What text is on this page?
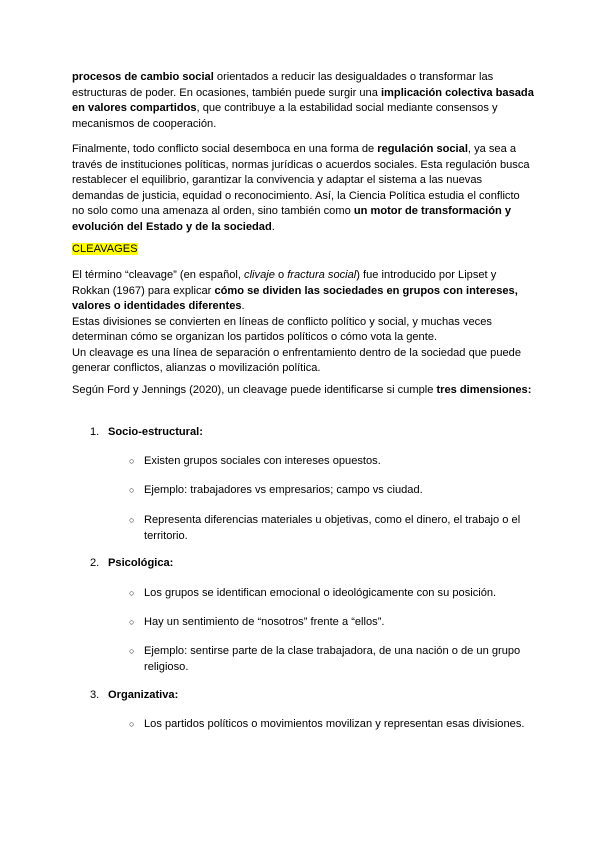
procesos de cambio social orientados a reducir las desigualdades o transformar las estructuras de poder. En ocasiones, también puede surgir una implicación colectiva basada en valores compartidos, que contribuye a la estabilidad social mediante consensos y mecanismos de cooperación.

Finalmente, todo conflicto social desemboca en una forma de regulación social, ya sea a través de instituciones políticas, normas jurídicas o acuerdos sociales. Esta regulación busca restablecer el equilibrio, garantizar la convivencia y adaptar el sistema a las nuevas demandas de justicia, equidad o reconocimiento. Así, la Ciencia Política estudia el conflicto no solo como una amenaza al orden, sino también como un motor de transformación y evolución del Estado y de la sociedad.

CLEAVAGES

El término “cleavage” (en español, clivaje o fractura social) fue introducido por Lipset y Rokkan (1967) para explicar cómo se dividen las sociedades en grupos con intereses, valores o identidades diferentes.
Estas divisiones se convierten en líneas de conflicto político y social, y muchas veces determinan cómo se organizan los partidos políticos o cómo vota la gente.
Un cleavage es una línea de separación o enfrentamiento dentro de la sociedad que puede generar conflictos, alianzas o movilización política.

Según Ford y Jennings (2020), un cleavage puede identificarse si cumple tres dimensiones:

1. Socio-estructural:
○ Existen grupos sociales con intereses opuestos.
○ Ejemplo: trabajadores vs empresarios; campo vs ciudad.
○ Representa diferencias materiales u objetivas, como el dinero, el trabajo o el territorio.
2. Psicológica:
○ Los grupos se identifican emocional o ideológicamente con su posición.
○ Hay un sentimiento de “nosotros” frente a “ellos”.
○ Ejemplo: sentirse parte de la clase trabajadora, de una nación o de un grupo religioso.
3. Organizativa:
○ Los partidos políticos o movimientos movilizan y representan esas divisiones.
